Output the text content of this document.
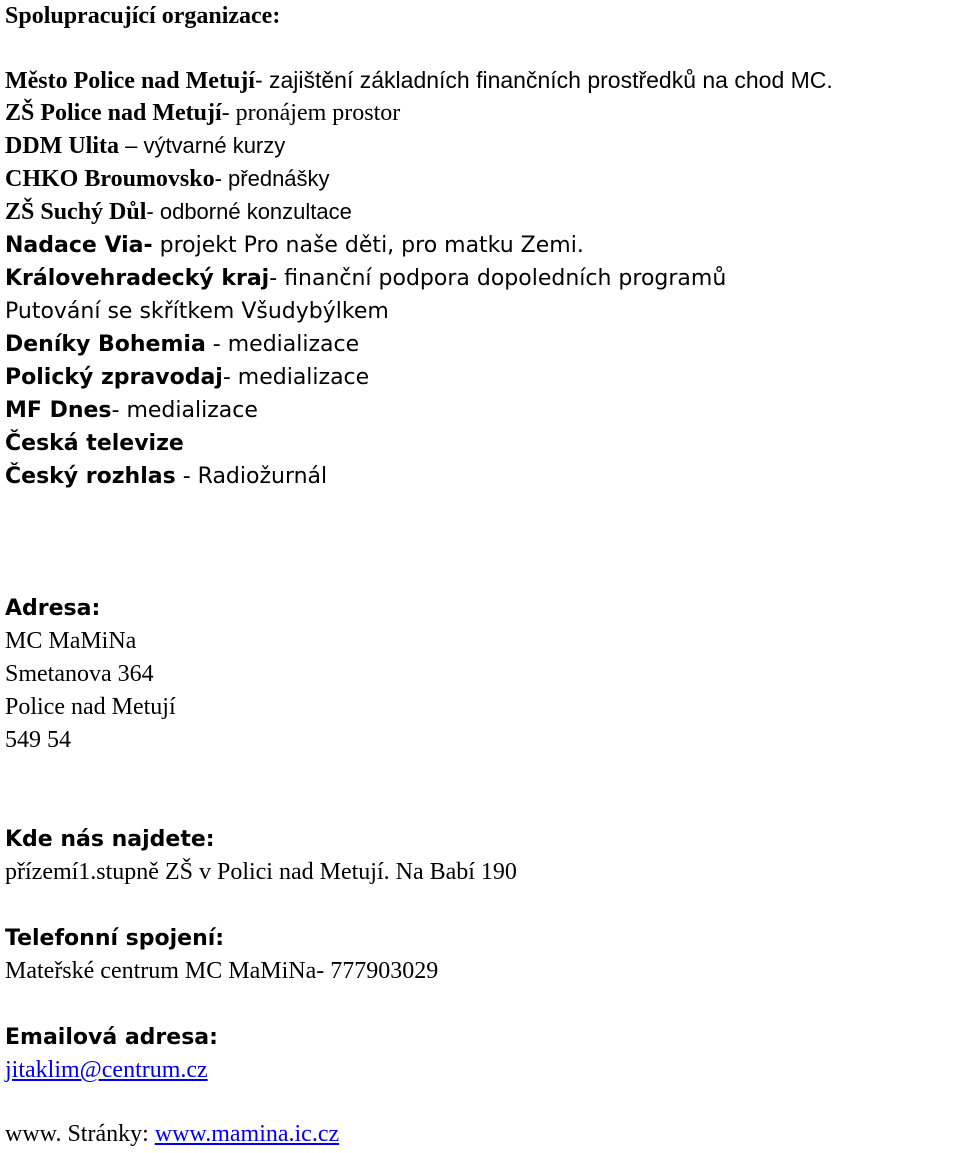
Spolupracující organizace:
Město Police nad Metují- zajištění základních finančních prostředků na chod MC.
ZŠ Police nad Metují- pronájem prostor
DDM Ulita – výtvarné kurzy
CHKO Broumovsko- přednášky
ZŠ Suchý Důl- odborné konzultace
Nadace Via- projekt Pro naše děti, pro matku Zemi.
Královehradecký kraj- finanční podpora dopoledních programů
Putování se skřítkem Všudybýlkem
Deníky Bohemia - medializace
Polický zpravodaj- medializace
MF Dnes- medializace
Česká televize
Český rozhlas - Radiožurnál
Adresa:
MC MaMiNa
Smetanova 364
Police nad Metují
549 54
Kde nás najdete:
přízemí1.stupně ZŠ v Polici nad Metují. Na Babí 190
Telefonní spojení:
Mateřské centrum MC MaMiNa- 777903029
Emailová adresa:
jitaklim@centrum.cz
www. Stránky: www.mamina.ic.cz
